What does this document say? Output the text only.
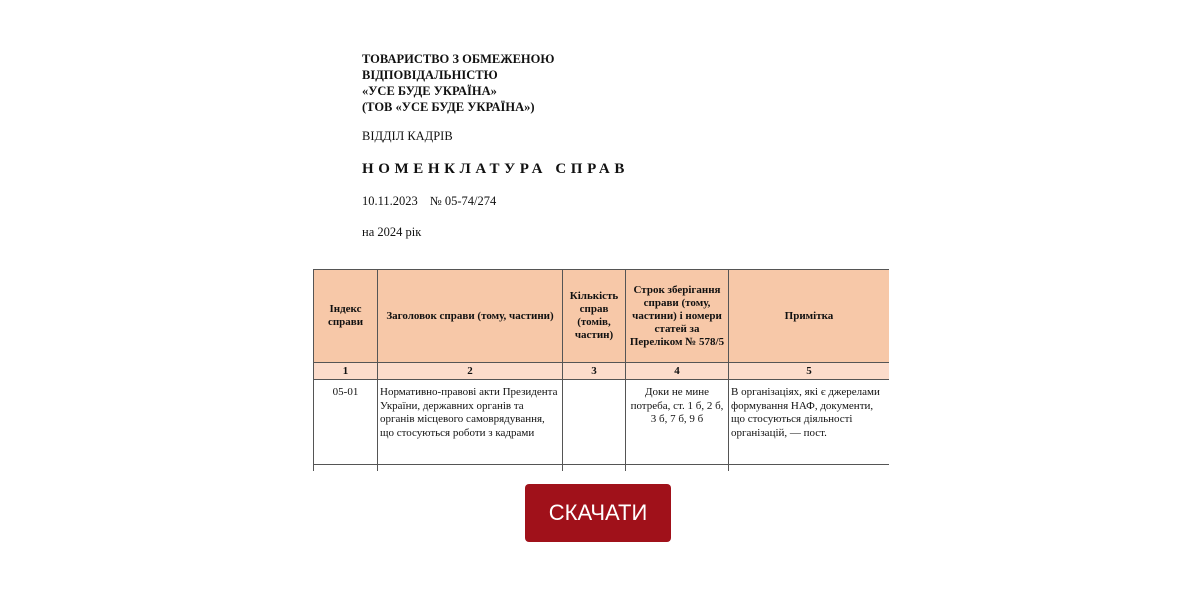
ТОВАРИСТВО З ОБМЕЖЕНОЮ
ВІДПОВІДАЛЬНІСТЮ
«УСЕ БУДЕ УКРАЇНА»
(ТОВ «УСЕ БУДЕ УКРАЇНА»)
ВІДДІЛ КАДРІВ
НОМЕНКЛАТУРА СПРАВ
10.11.2023 № 05-74/274
на 2024 рік
Індекс справи	Заголовок справи (тому, частини)	Кількість справ (томів, частин)	Строк зберігання справи (тому, частини) і номери статей за Переліком № 578/5	Примітка
1	2	3	4	5
05-01	Нормативно-правові акти Президента України, державних органів та органів місцевого самоврядування, що стосуються роботи з кадрами		Доки не мине потреба, ст. 1 б, 2 б, 3 б, 7 б, 9 б	В організаціях, які є джерелами формування НАФ, документи, що стосуються діяльності організацій, — пост.

СКАЧАТИ
